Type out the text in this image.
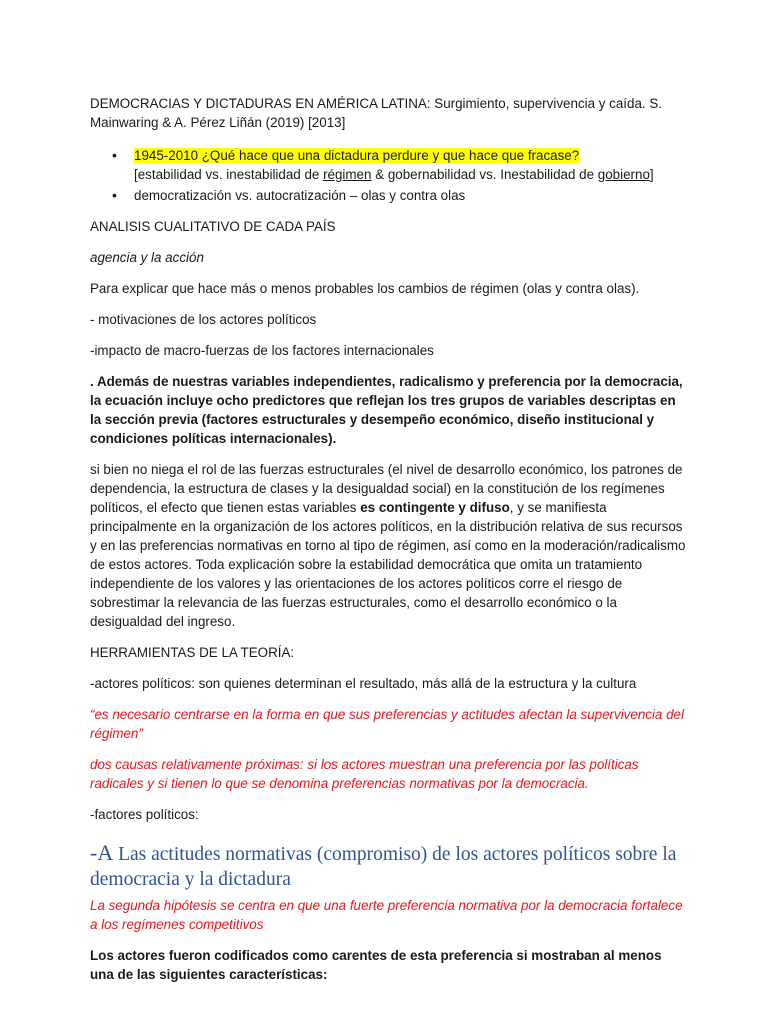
DEMOCRACIAS Y DICTADURAS EN AMÉRICA LATINA: Surgimiento, supervivencia y caída. S. Mainwaring & A. Pérez Liñán (2019) [2013]

• 1945-2010 ¿Qué hace que una dictadura perdure y que hace que fracase?
[estabilidad vs. inestabilidad de régimen & gobernabilidad vs. Inestabilidad de gobierno]
• democratización vs. autocratización – olas y contra olas

ANALISIS CUALITATIVO DE CADA PAÍS

agencia y la acción

Para explicar que hace más o menos probables los cambios de régimen (olas y contra olas).

- motivaciones de los actores políticos

-impacto de macro-fuerzas de los factores internacionales

. Además de nuestras variables independientes, radicalismo y preferencia por la democracia, la ecuación incluye ocho predictores que reflejan los tres grupos de variables descriptas en la sección previa (factores estructurales y desempeño económico, diseño institucional y condiciones políticas internacionales).

si bien no niega el rol de las fuerzas estructurales (el nivel de desarrollo económico, los patrones de dependencia, la estructura de clases y la desigualdad social) en la constitución de los regímenes políticos, el efecto que tienen estas variables es contingente y difuso, y se manifiesta principalmente en la organización de los actores políticos, en la distribución relativa de sus recursos y en las preferencias normativas en torno al tipo de régimen, así como en la moderación/radicalismo de estos actores. Toda explicación sobre la estabilidad democrática que omita un tratamiento independiente de los valores y las orientaciones de los actores políticos corre el riesgo de sobrestimar la relevancia de las fuerzas estructurales, como el desarrollo económico o la desigualdad del ingreso.

HERRAMIENTAS DE LA TEORÍA:

-actores políticos: son quienes determinan el resultado, más allá de la estructura y la cultura

“es necesario centrarse en la forma en que sus preferencias y actitudes afectan la supervivencia del régimen”

dos causas relativamente próximas: si los actores muestran una preferencia por las políticas radicales y si tienen lo que se denomina preferencias normativas por la democracia.

-factores políticos:

-A Las actitudes normativas (compromiso) de los actores políticos sobre la democracia y la dictadura

La segunda hipótesis se centra en que una fuerte preferencia normativa por la democracia fortalece a los regímenes competitivos

Los actores fueron codificados como carentes de esta preferencia si mostraban al menos una de las siguientes características:
